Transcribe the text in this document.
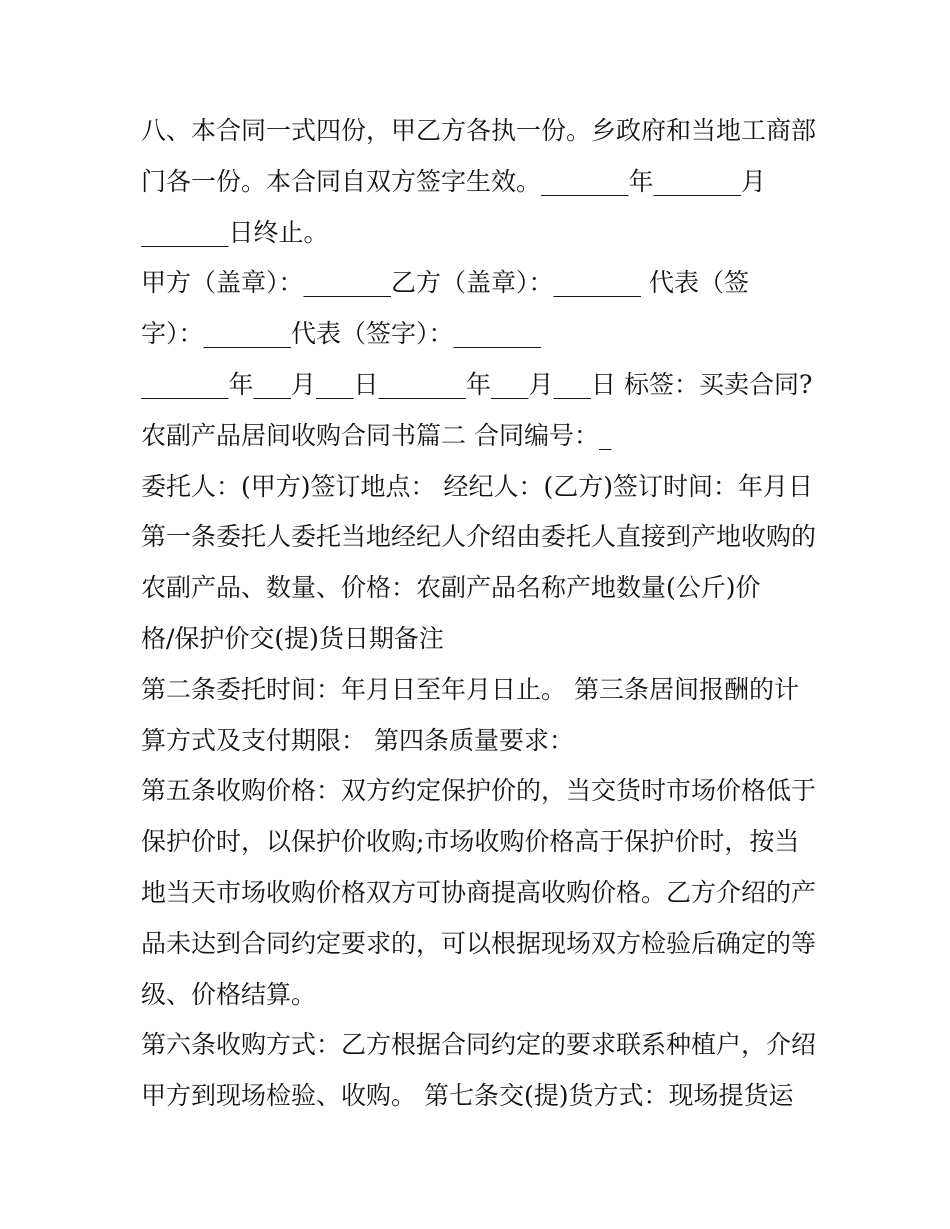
八、本合同一式四份，甲乙方各执一份。乡政府和当地工商部
门各一份。本合同自双方签字生效。_______年_______月
_______日终止。
甲方（盖章）：_______乙方（盖章）：_______ 代表（签
字）：_______代表（签字）：_______
_______年___月___日_______年___月___日 标签：买卖合同?
农副产品居间收购合同书篇二 合同编号：_
委托人：(甲方)签订地点： 经纪人：(乙方)签订时间：年月日
第一条委托人委托当地经纪人介绍由委托人直接到产地收购的
农副产品、数量、价格：农副产品名称产地数量(公斤)价
格/保护价交(提)货日期备注
第二条委托时间：年月日至年月日止。 第三条居间报酬的计
算方式及支付期限： 第四条质量要求：
第五条收购价格：双方约定保护价的，当交货时市场价格低于
保护价时，以保护价收购;市场收购价格高于保护价时，按当
地当天市场收购价格双方可协商提高收购价格。乙方介绍的产
品未达到合同约定要求的，可以根据现场双方检验后确定的等
级、价格结算。
第六条收购方式：乙方根据合同约定的要求联系种植户，介绍
甲方到现场检验、收购。 第七条交(提)货方式：现场提货运
